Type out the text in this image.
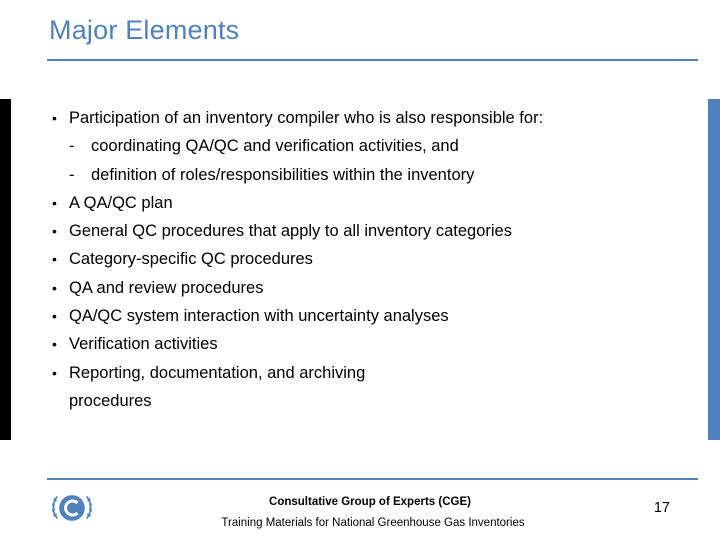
Major Elements
• Participation of an inventory compiler who is also responsible for:
- coordinating QA/QC and verification activities, and
- definition of roles/responsibilities within the inventory
• A QA/QC plan
• General QC procedures that apply to all inventory categories
• Category-specific QC procedures
• QA and review procedures
• QA/QC system interaction with uncertainty analyses
• Verification activities
• Reporting, documentation, and archiving
procedures
Consultative Group of Experts (CGE)
Training Materials for National Greenhouse Gas Inventories
17
